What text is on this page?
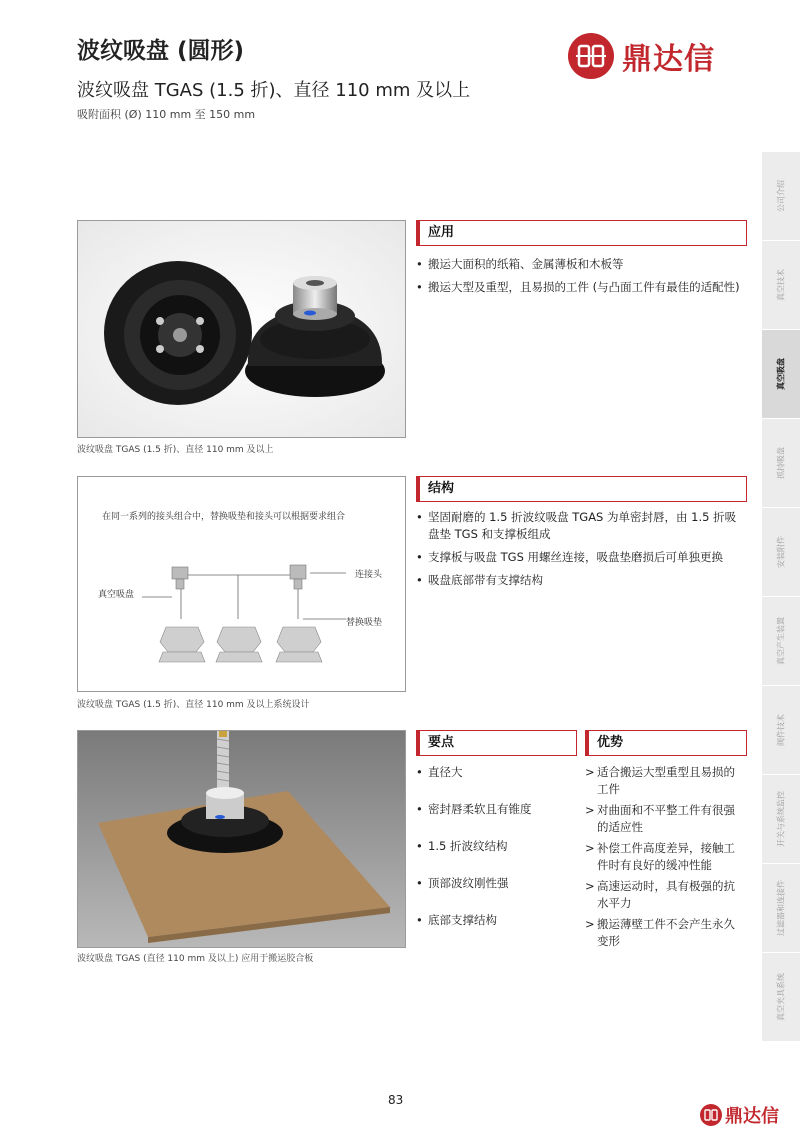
波纹吸盘 (圆形)
波纹吸盘 TGAS (1.5 折)、直径 110 mm 及以上
吸附面积 (Ø) 110 mm 至 150 mm
鼎达信
波纹吸盘 TGAS (1.5 折)、直径 110 mm 及以上
应用
• 搬运大面积的纸箱、金属薄板和木板等
• 搬运大型及重型，且易损的工件 (与凸面工件有最佳的适配性)
在同一系列的接头组合中，替换吸垫和接头可以根据要求组合
真空吸盘
连接头
替换吸垫
波纹吸盘 TGAS (1.5 折)、直径 110 mm 及以上系统设计
结构
• 坚固耐磨的 1.5 折波纹吸盘 TGAS 为单密封唇，由 1.5 折吸盘垫 TGS 和支撑板组成
• 支撑板与吸盘 TGS 用螺丝连接，吸盘垫磨损后可单独更换
• 吸盘底部带有支撑结构
波纹吸盘 TGAS (直径 110 mm 及以上) 应用于搬运胶合板
要点
• 直径大
• 密封唇柔软且有锥度
• 1.5 折波纹结构
• 顶部波纹刚性强
• 底部支撑结构
优势
> 适合搬运大型重型且易损的工件
> 对曲面和不平整工件有很强的适应性
> 补偿工件高度差异，接触工件时有良好的缓冲性能
> 高速运动时，具有极强的抗水平力
> 搬运薄壁工件不会产生永久变形
公司介绍
真空技术
真空吸盘
抓持吸盘
安装附件
真空产生装置
阀件技术
开关与系统监控
过滤器和连接件
真空夹具系统
83
鼎达信
